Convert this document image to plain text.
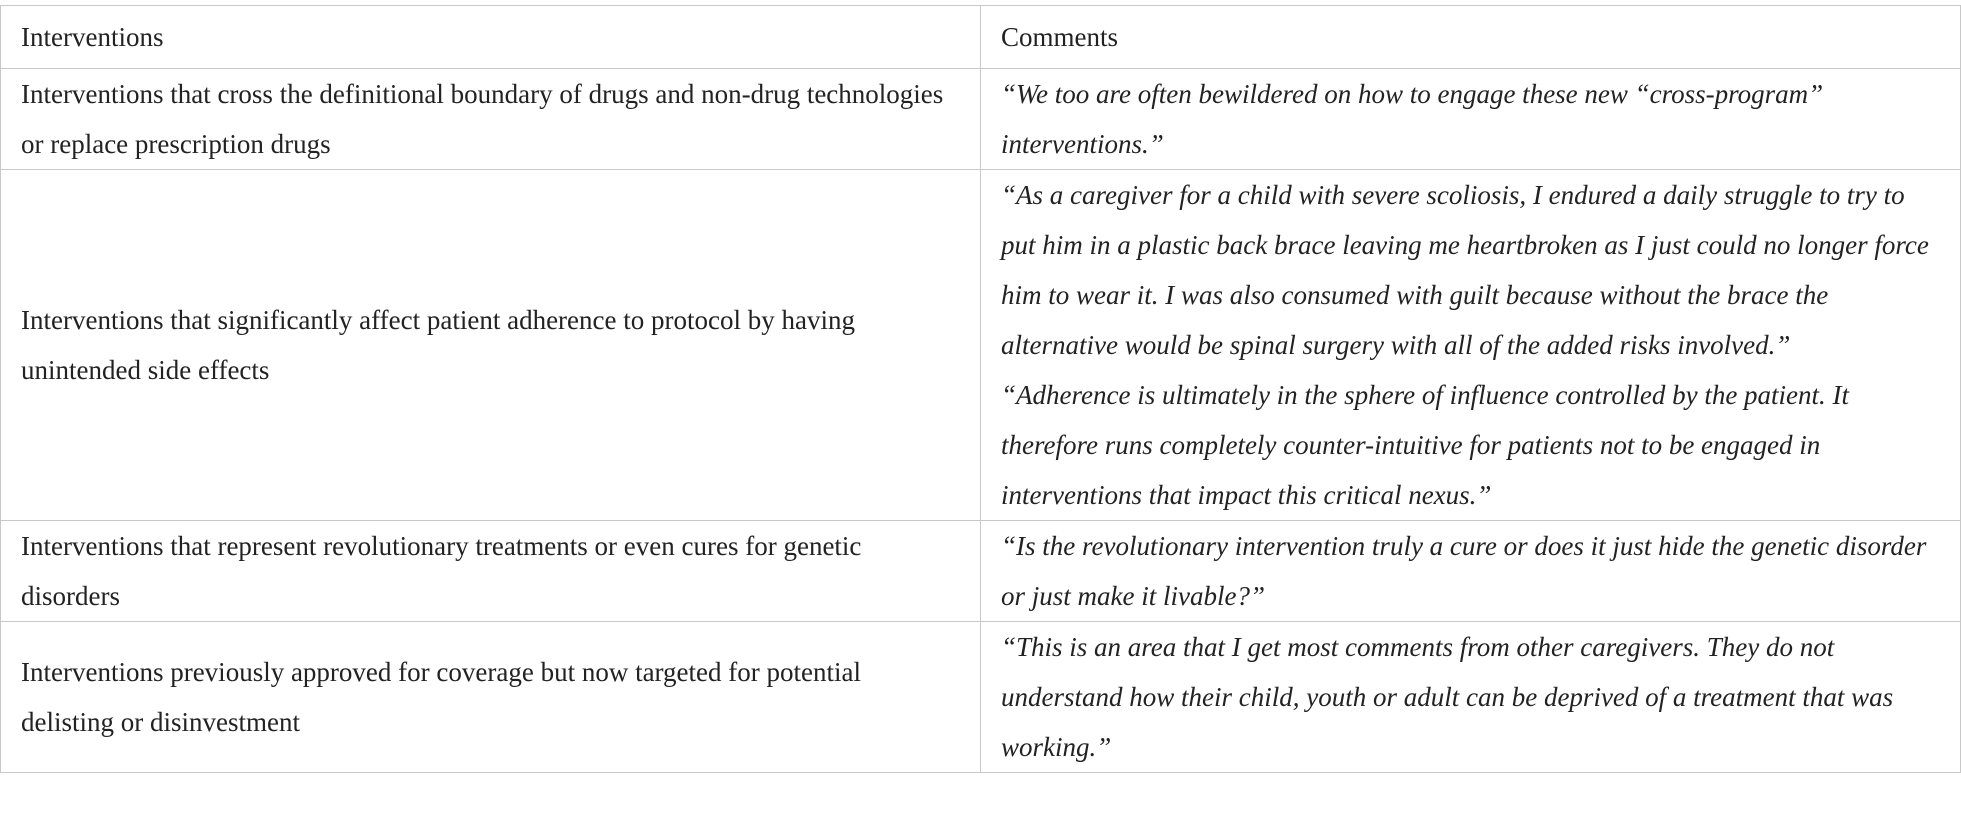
Interventions	Comments
Interventions that cross the definitional boundary of drugs and non-drug technologies or replace prescription drugs	“We too are often bewildered on how to engage these new “cross-program” interventions.”

Interventions that significantly affect patient adherence to protocol by having unintended side effects	“As a caregiver for a child with severe scoliosis, I endured a daily struggle to try to put him in a plastic back brace leaving me heartbroken as I just could no longer force him to wear it. I was also consumed with guilt because without the brace the alternative would be spinal surgery with all of the added risks involved.”
“Adherence is ultimately in the sphere of influence controlled by the patient. It therefore runs completely counter-intuitive for patients not to be engaged in interventions that impact this critical nexus.”

Interventions that represent revolutionary treatments or even cures for genetic disorders	“Is the revolutionary intervention truly a cure or does it just hide the genetic disorder or just make it livable?”

Interventions previously approved for coverage but now targeted for potential delisting or disinvestment	“This is an area that I get most comments from other caregivers. They do not understand how their child, youth or adult can be deprived of a treatment that was working.”
